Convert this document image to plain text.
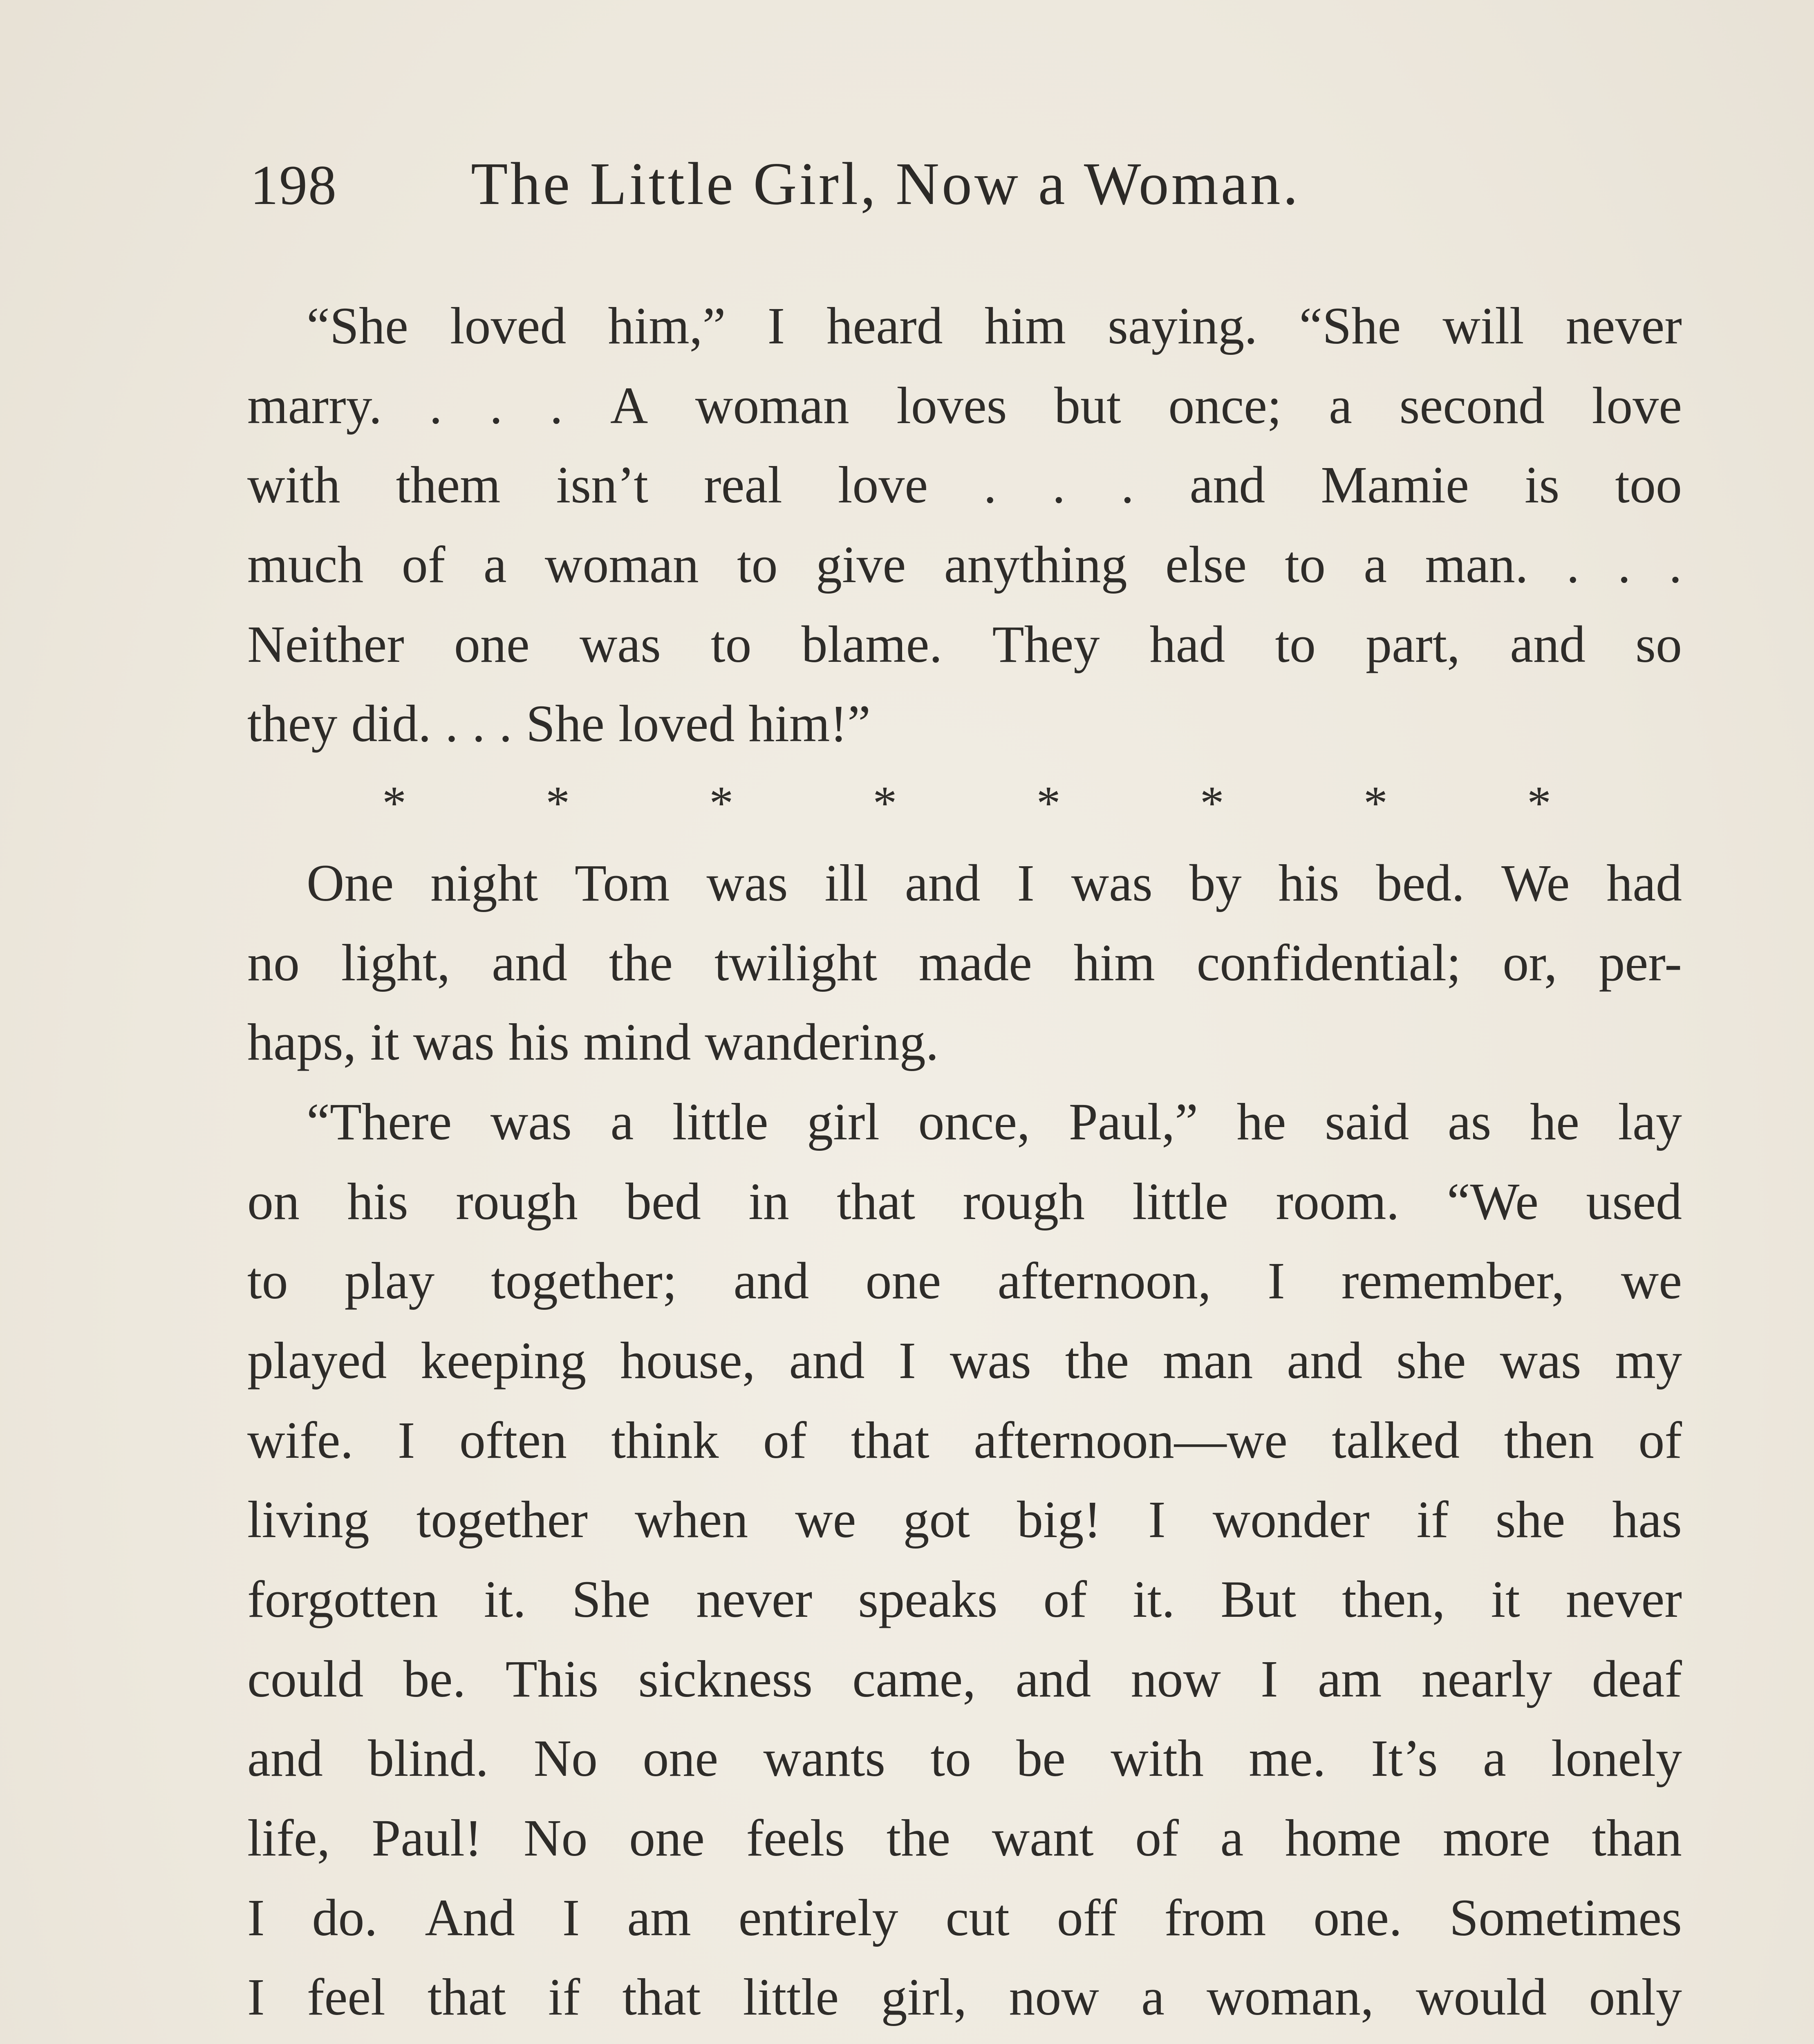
198 The Little Girl, Now a Woman.
“She loved him,” I heard him saying. “She will never
marry. . . . A woman loves but once; a second love
with them isn’t real love . . . and Mamie is too
much of a woman to give anything else to a man. . . .
Neither one was to blame. They had to part, and so
they did. . . . She loved him!”
*	*	*	*	*	*	*	*
One night Tom was ill and I was by his bed. We had
no light, and the twilight made him confidential; or, per-
haps, it was his mind wandering.
“There was a little girl once, Paul,” he said as he lay
on his rough bed in that rough little room. “We used
to play together; and one afternoon, I remember, we
played keeping house, and I was the man and she was my
wife. I often think of that afternoon—we talked then of
living together when we got big! I wonder if she has
forgotten it. She never speaks of it. But then, it never
could be. This sickness came, and now I am nearly deaf
and blind. No one wants to be with me. It’s a lonely
life, Paul! No one feels the want of a home more than
I do. And I am entirely cut off from one. Sometimes
I feel that if that little girl, now a woman, would only
